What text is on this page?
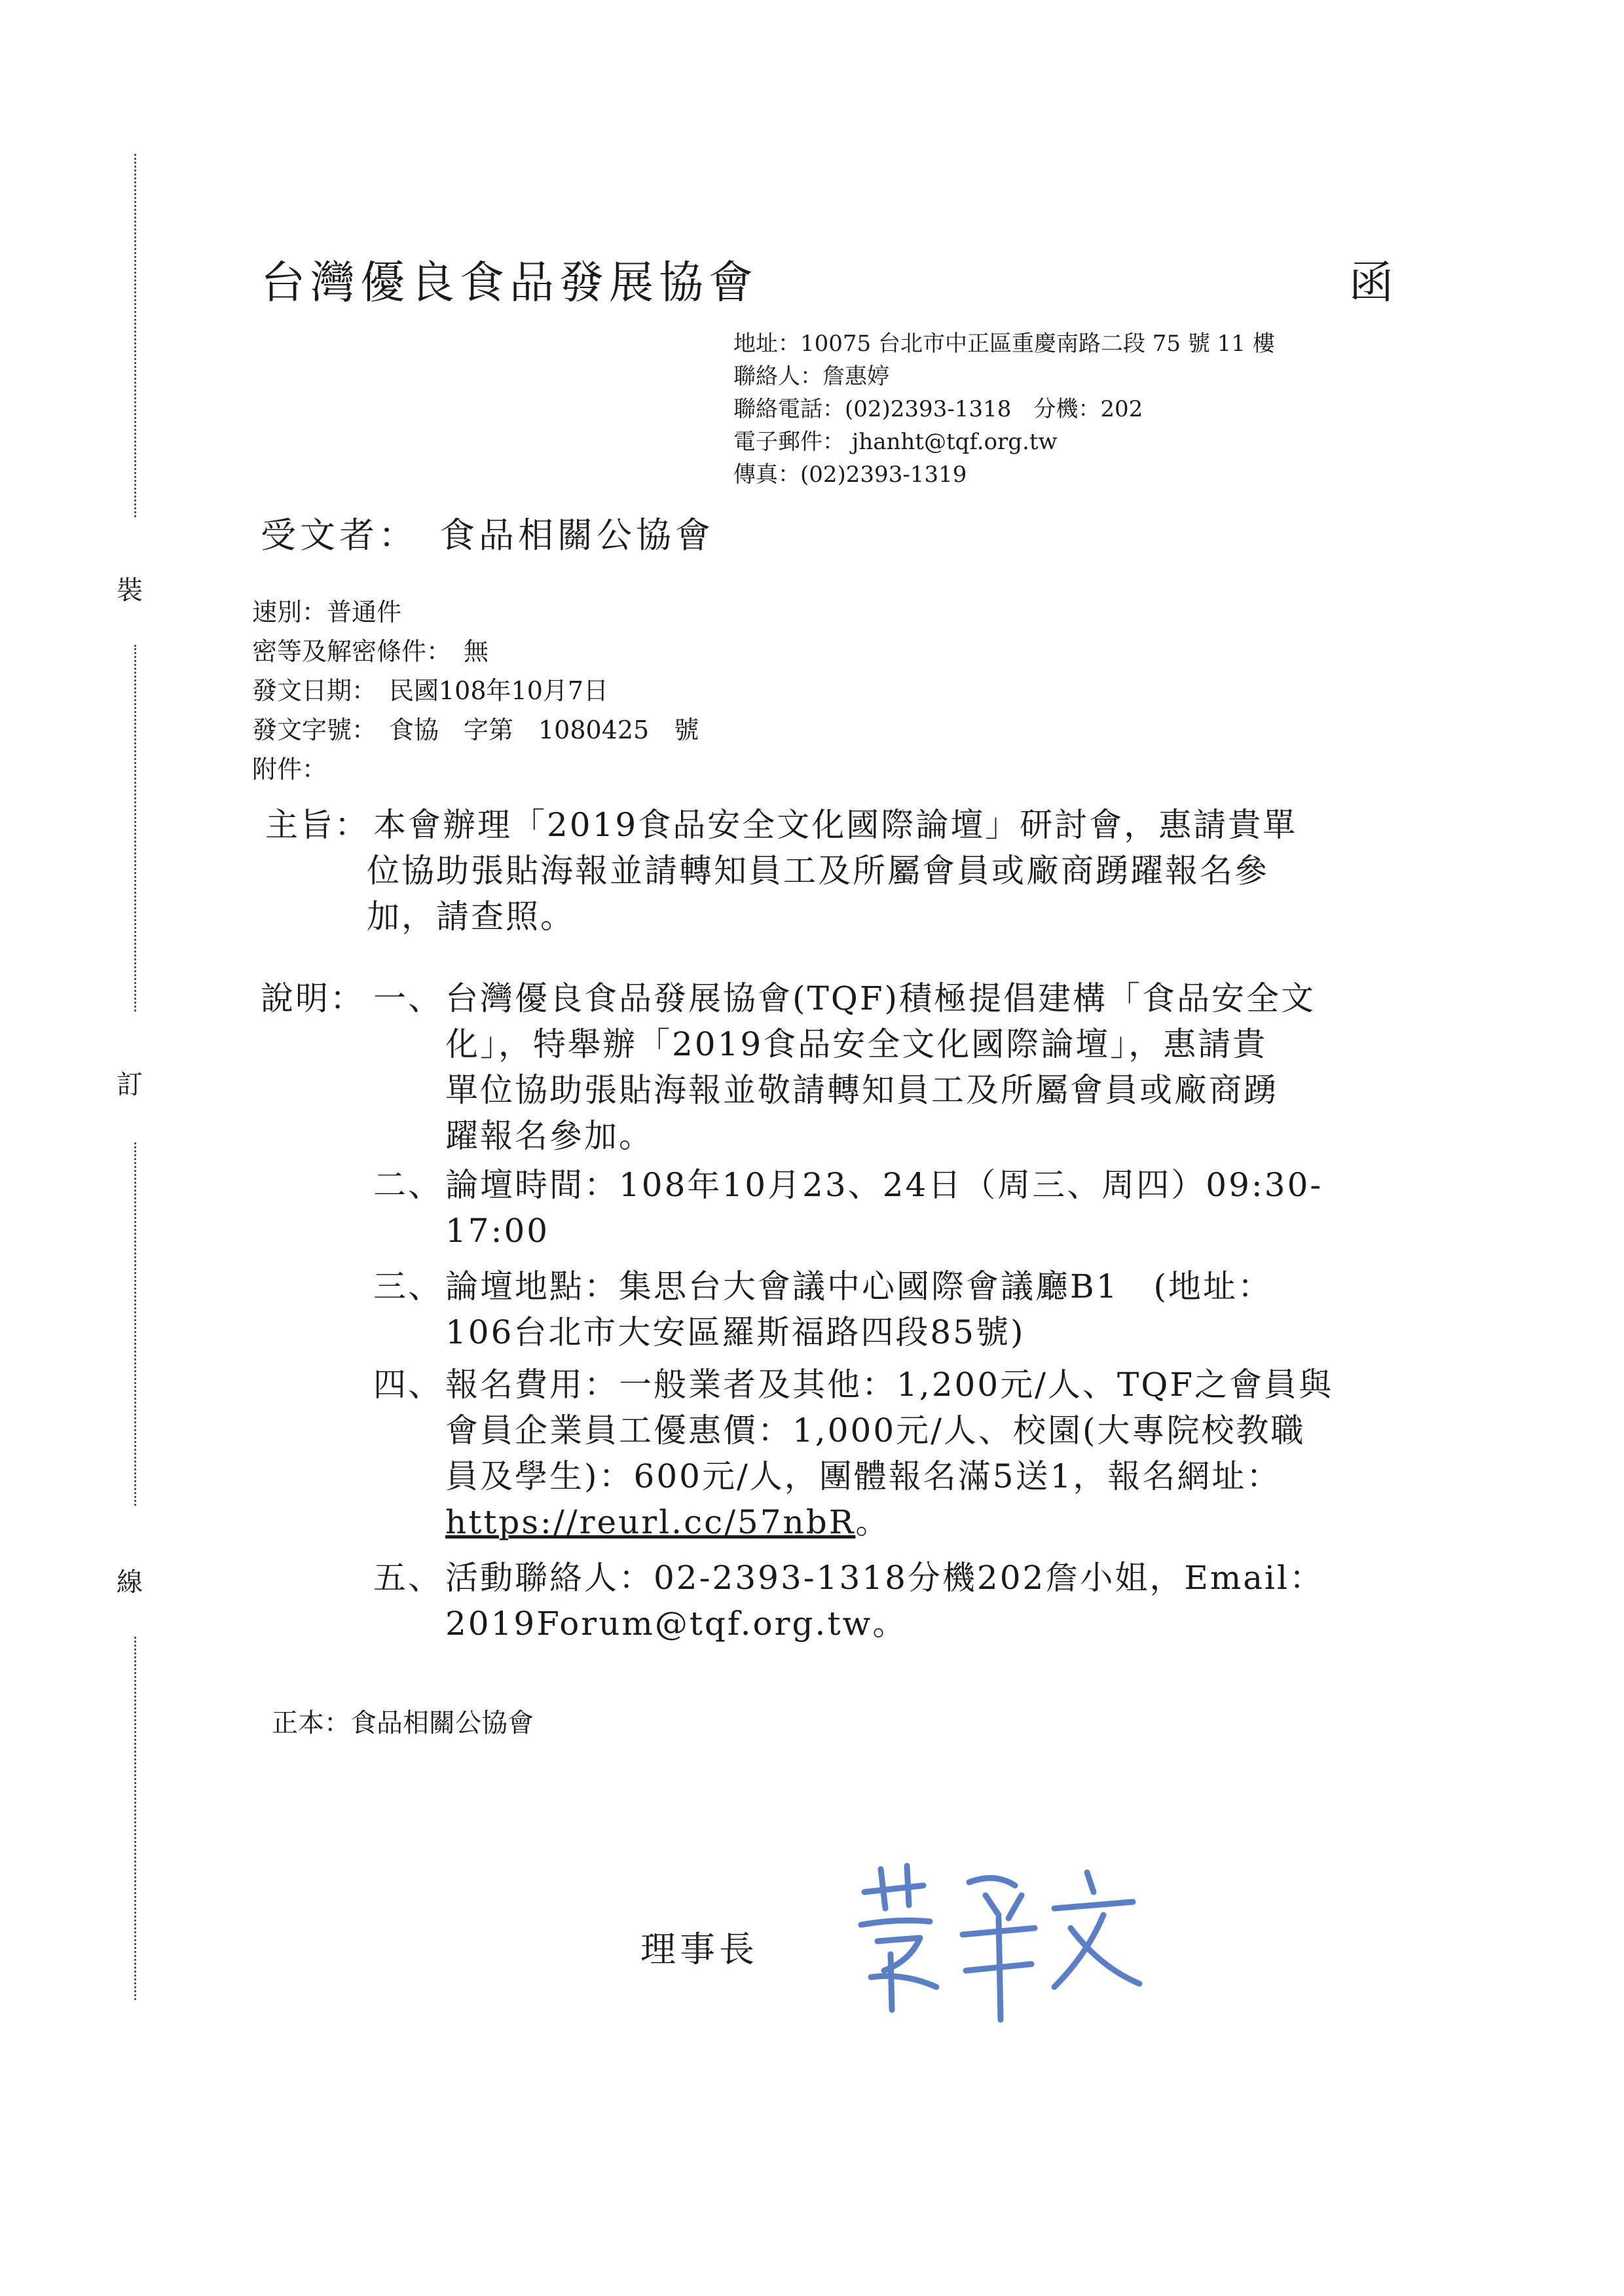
裝
訂
線
台灣優良食品發展協會	函
地址：10075 台北市中正區重慶南路二段 75 號 11 樓
聯絡人：詹惠婷
聯絡電話：(02)2393-1318　分機：202
電子郵件： jhanht@tqf.org.tw
傳真：(02)2393-1319
受文者：　食品相關公協會
速別：普通件
密等及解密條件：　無
發文日期：　民國108年10月7日
發文字號：　食協　字第　1080425　號
附件：
主旨： 本會辦理「2019食品安全文化國際論壇」研討會，惠請貴單
位協助張貼海報並請轉知員工及所屬會員或廠商踴躍報名參
加，請查照。
說明： 一、 台灣優良食品發展協會(TQF)積極提倡建構「食品安全文
化」，特舉辦「2019食品安全文化國際論壇」，惠請貴
單位協助張貼海報並敬請轉知員工及所屬會員或廠商踴
躍報名參加。
二、 論壇時間：108年10月23、24日（周三、周四）09:30-
17:00
三、 論壇地點：集思台大會議中心國際會議廳B1　(地址：
106台北市大安區羅斯福路四段85號)
四、 報名費用：一般業者及其他：1,200元/人、TQF之會員與
會員企業員工優惠價：1,000元/人、校園(大專院校教職
員及學生)：600元/人，團體報名滿5送1，報名網址：
https://reurl.cc/57nbR。
五、 活動聯絡人：02-2393-1318分機202詹小姐，Email：
2019Forum@tqf.org.tw。
正本：食品相關公協會
理事長
